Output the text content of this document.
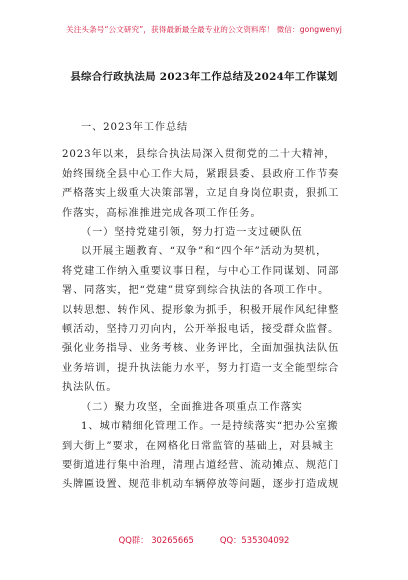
关注头条号“公文研究”，获得最新最全最专业的公文资料库！ 微信：gongwenyj
县综合行政执法局 2023年工作总结及2024年工作谋划

一、2023年工作总结

2023年以来，县综合执法局深入贯彻党的二十大精神，

始终围绕全县中心工作大局，紧跟县委、县政府工作节奏

严格落实上级重大决策部署，立足自身岗位职责，狠抓工

作落实，高标准推进完成各项工作任务。

（一）坚持党建引领，努力打造一支过硬队伍

以开展主题教育、“双争”和“四个年”活动为契机，

将党建工作纳入重要议事日程，与中心工作同谋划、同部

署、同落实，把“党建”贯穿到综合执法的各项工作中。

以转思想、转作风、提形象为抓手，积极开展作风纪律整

顿活动，坚持刀刃向内，公开举报电话，接受群众监督。

强化业务指导、业务考核、业务评比，全面加强执法队伍

业务培训，提升执法能力水平，努力打造一支全能型综合

执法队伍。

（二）聚力攻坚，全面推进各项重点工作落实

1、城市精细化管理工作。一是持续落实“把办公室搬

到大街上”要求，在网格化日常监管的基础上，对县城主

要街道进行集中治理，清理占道经营、流动摊点、规范门

头牌匾设置、规范非机动车辆停放等问题，逐步打造成规

QQ群： 30265665	QQ：535304092
